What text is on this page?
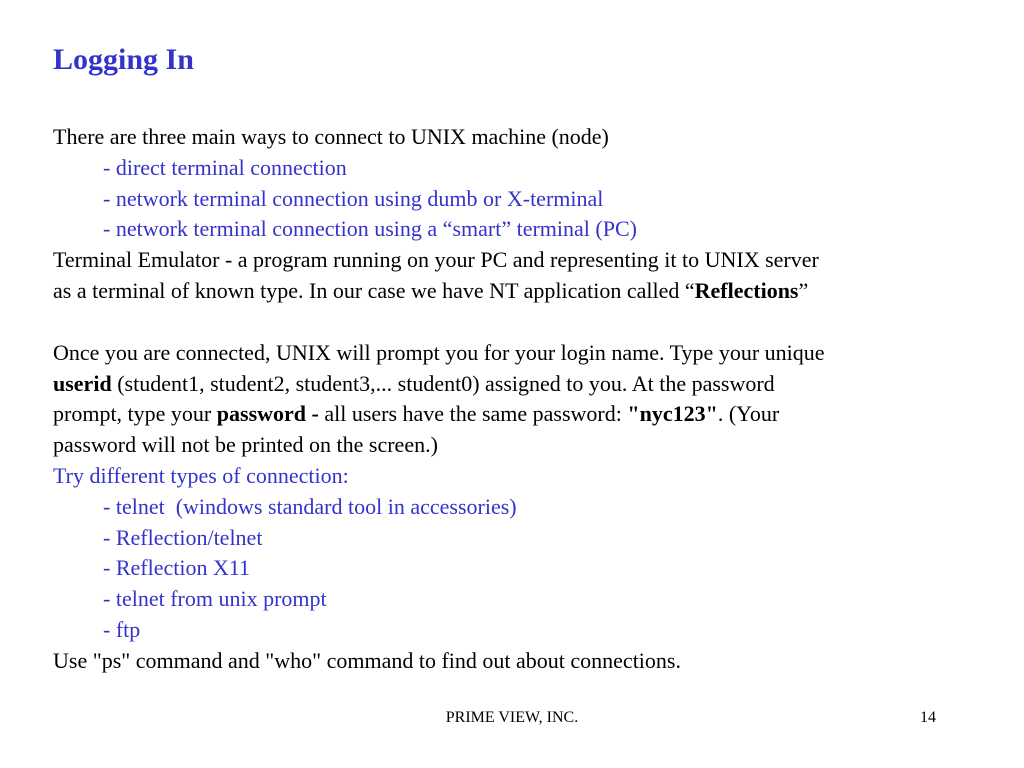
Logging In
There are three main ways to connect to UNIX machine (node)
- direct terminal connection
- network terminal connection using dumb or X-terminal
- network terminal connection using a “smart” terminal (PC)
Terminal Emulator - a program running on your PC and representing it to UNIX server
as a terminal of known type. In our case we have NT application called “Reflections”
Once you are connected, UNIX will prompt you for your login name. Type your unique
userid (student1, student2, student3,... student0) assigned to you. At the password
prompt, type your password - all users have the same password: "nyc123". (Your
password will not be printed on the screen.)
Try different types of connection:
- telnet  (windows standard tool in accessories)
- Reflection/telnet
- Reflection X11
- telnet from unix prompt
- ftp
Use "ps" command and "who" command to find out about connections.
PRIME VIEW, INC.	14
